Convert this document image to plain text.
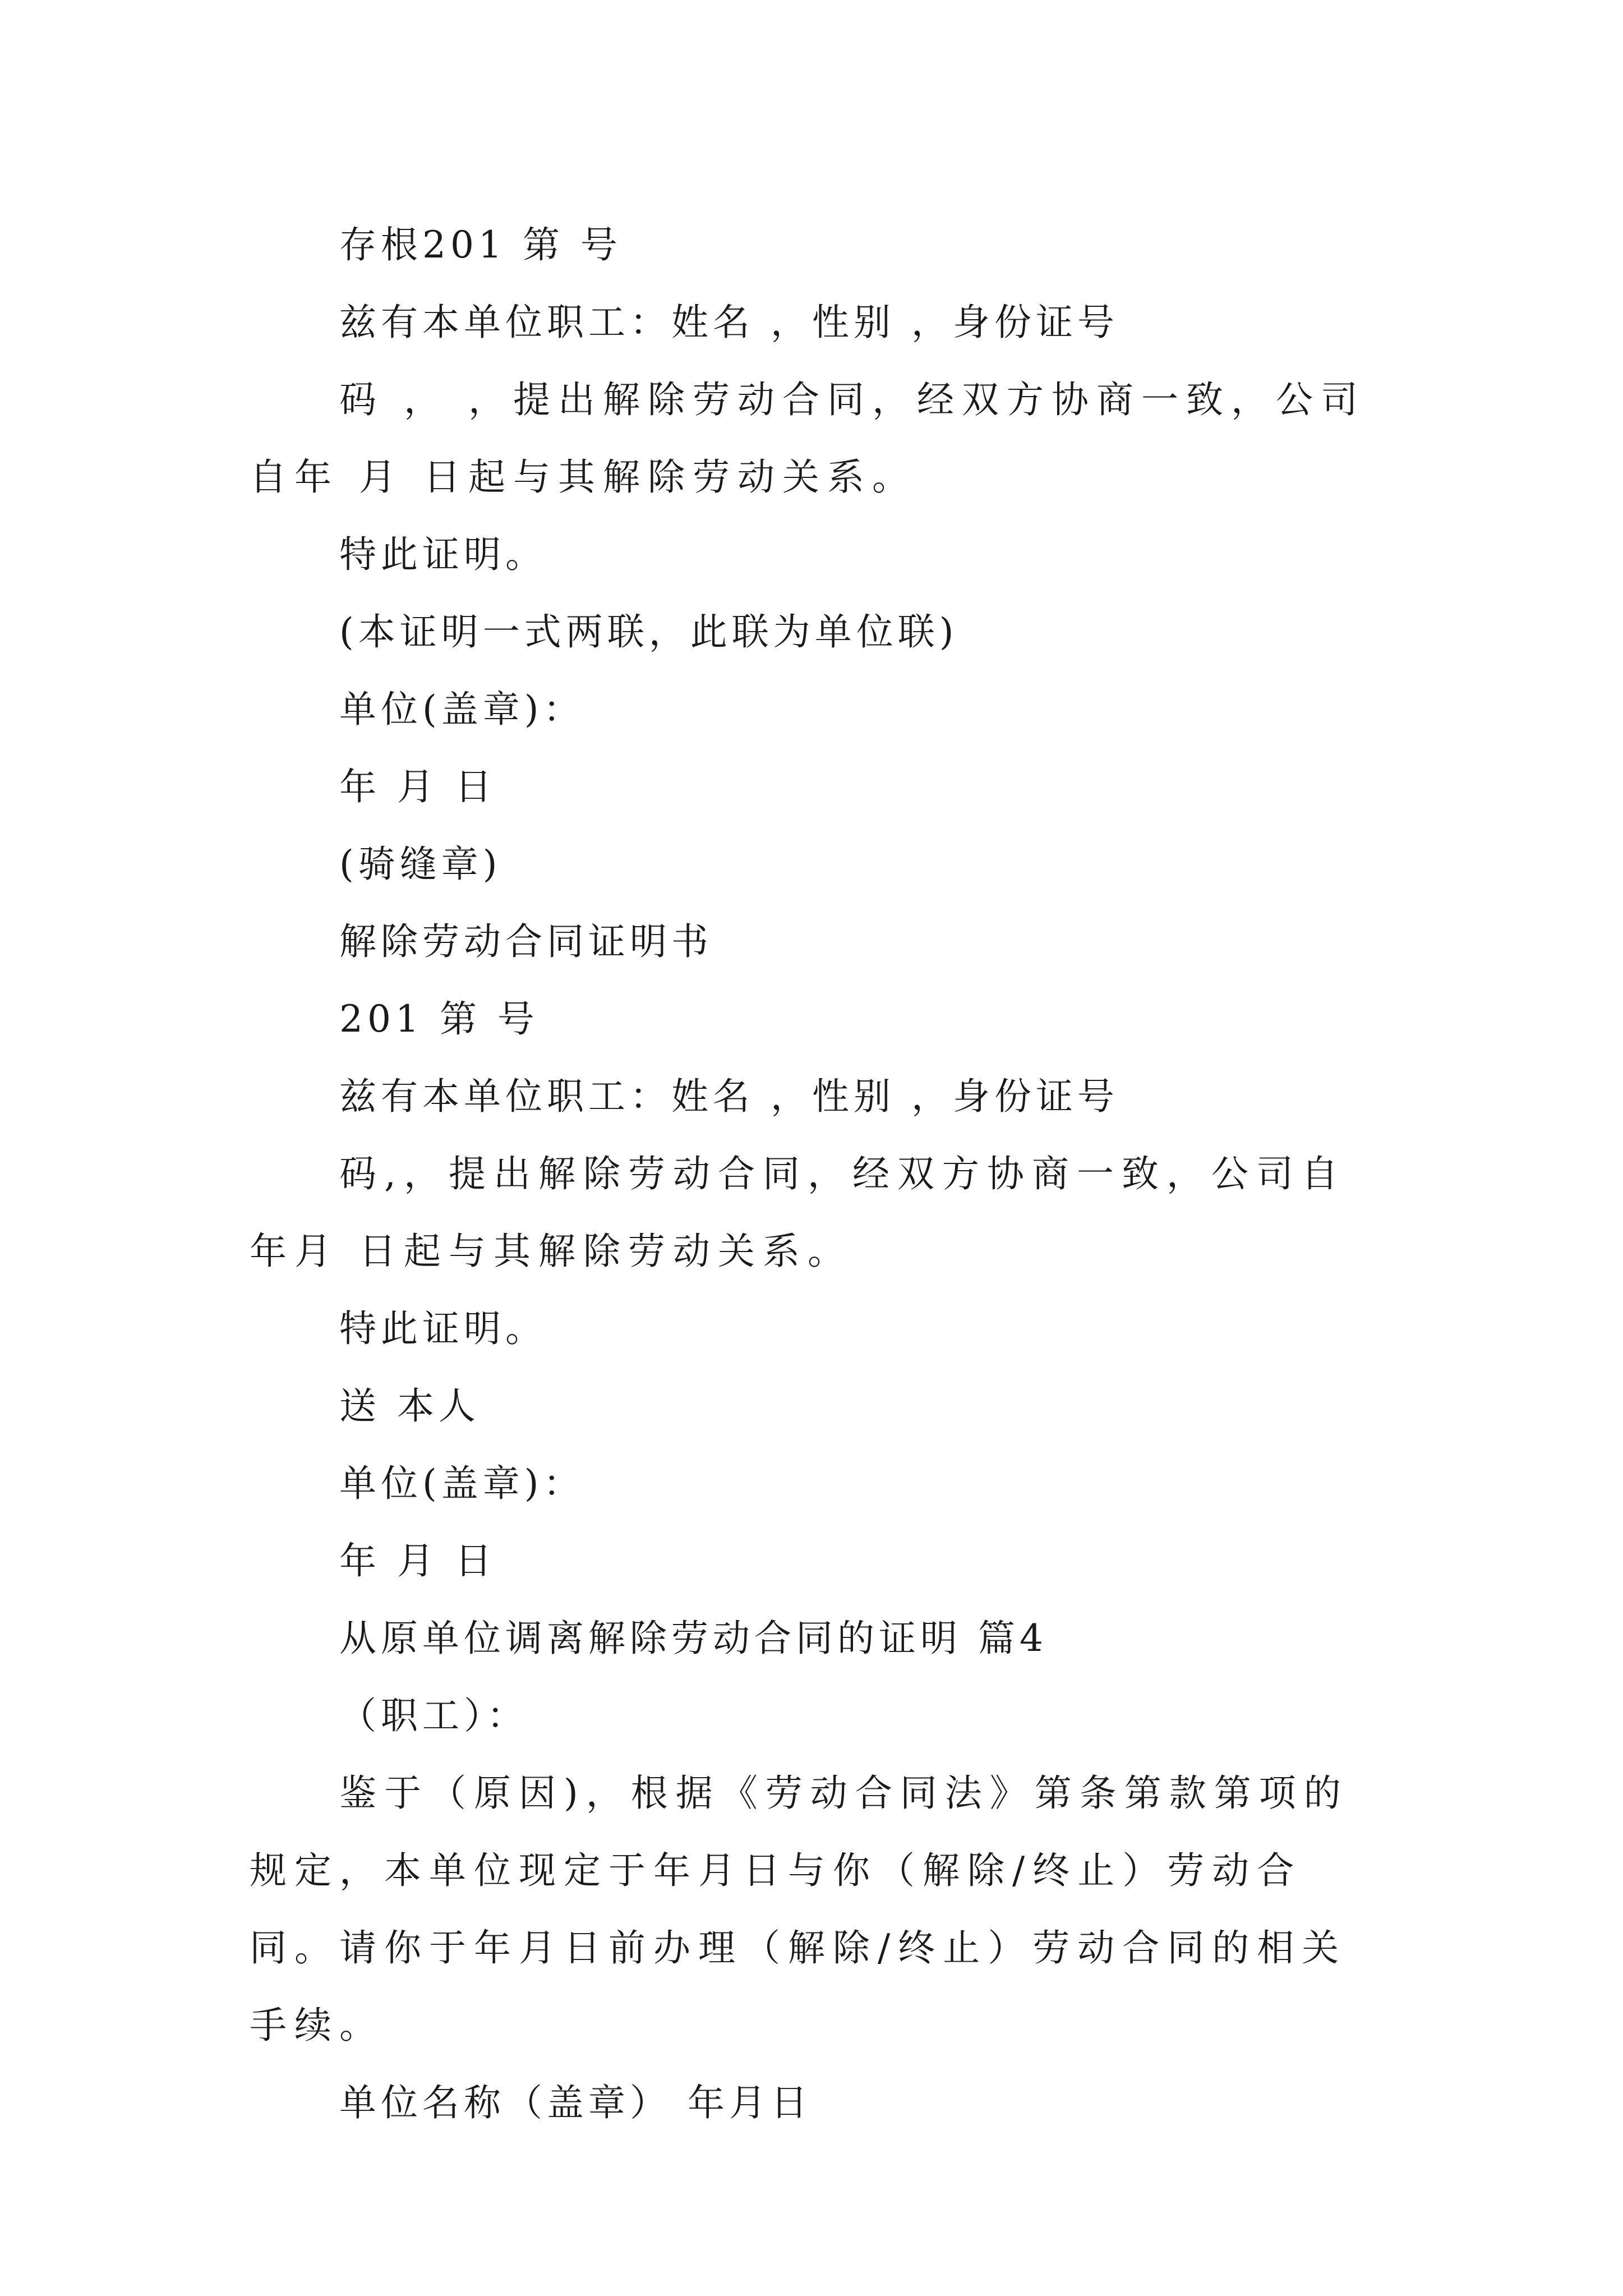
存根201 第 号

兹有本单位职工：姓名 ，性别 ，身份证号

码 ， ，提出解除劳动合同，经双方协商一致，公司自年 月 日起与其解除劳动关系。

特此证明。

(本证明一式两联，此联为单位联)

单位(盖章)：

年 月 日

(骑缝章)

解除劳动合同证明书

201 第 号

兹有本单位职工：姓名 ，性别 ，身份证号

码,，提出解除劳动合同，经双方协商一致，公司自 年月 日起与其解除劳动关系。

特此证明。

送 本人

单位(盖章)：

年 月 日

从原单位调离解除劳动合同的证明 篇4

（职工）：

鉴于（原因)，根据《劳动合同法》第条第款第项的规定，本单位现定于年月日与你（解除/终止）劳动合同。请你于年月日前办理（解除/终止）劳动合同的相关手续。

单位名称（盖章） 年月日
